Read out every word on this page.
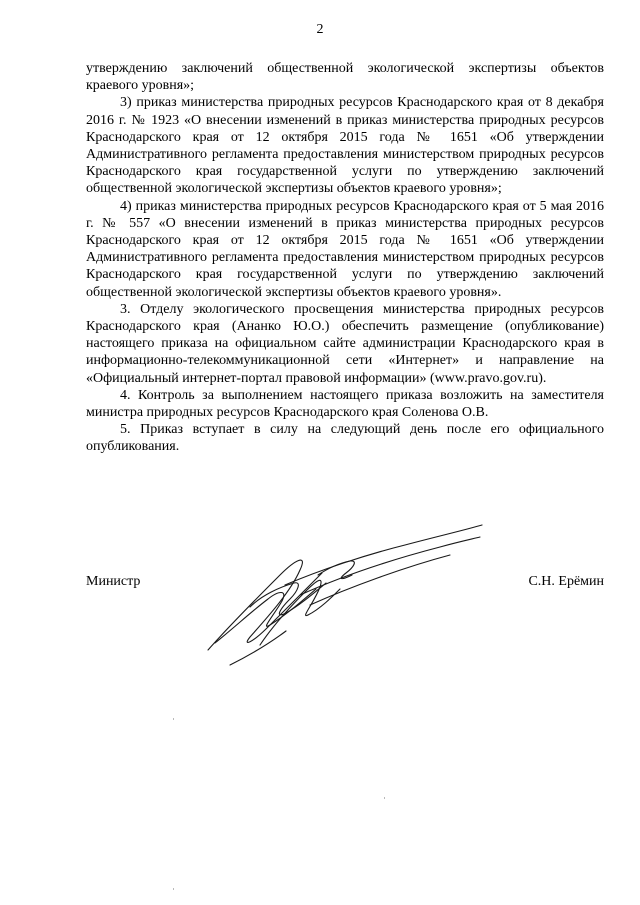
2

утверждению заключений общественной экологической экспертизы объектов краевого уровня»;

3) приказ министерства природных ресурсов Краснодарского края от 8 декабря 2016 г. № 1923 «О внесении изменений в приказ министерства природных ресурсов Краснодарского края от 12 октября 2015 года № 1651 «Об утверждении Административного регламента предоставления министерством природных ресурсов Краснодарского края государственной услуги по утверждению заключений общественной экологической экспертизы объектов краевого уровня»;

4) приказ министерства природных ресурсов Краснодарского края от 5 мая 2016 г. № 557 «О внесении изменений в приказ министерства природных ресурсов Краснодарского края от 12 октября 2015 года № 1651 «Об утверждении Административного регламента предоставления министерством природных ресурсов Краснодарского края государственной услуги по утверждению заключений общественной экологической экспертизы объектов краевого уровня».

3. Отделу экологического просвещения министерства природных ресурсов Краснодарского края (Ананко Ю.О.) обеспечить размещение (опубликование) настоящего приказа на официальном сайте администрации Краснодарского края в информационно-телекоммуникационной сети «Интернет» и направление на «Официальный интернет-портал правовой информации» (www.pravo.gov.ru).

4. Контроль за выполнением настоящего приказа возложить на заместителя министра природных ресурсов Краснодарского края Соленова О.В.

5. Приказ вступает в силу на следующий день после его официального опубликования.

Министр	С.Н. Ерёмин
